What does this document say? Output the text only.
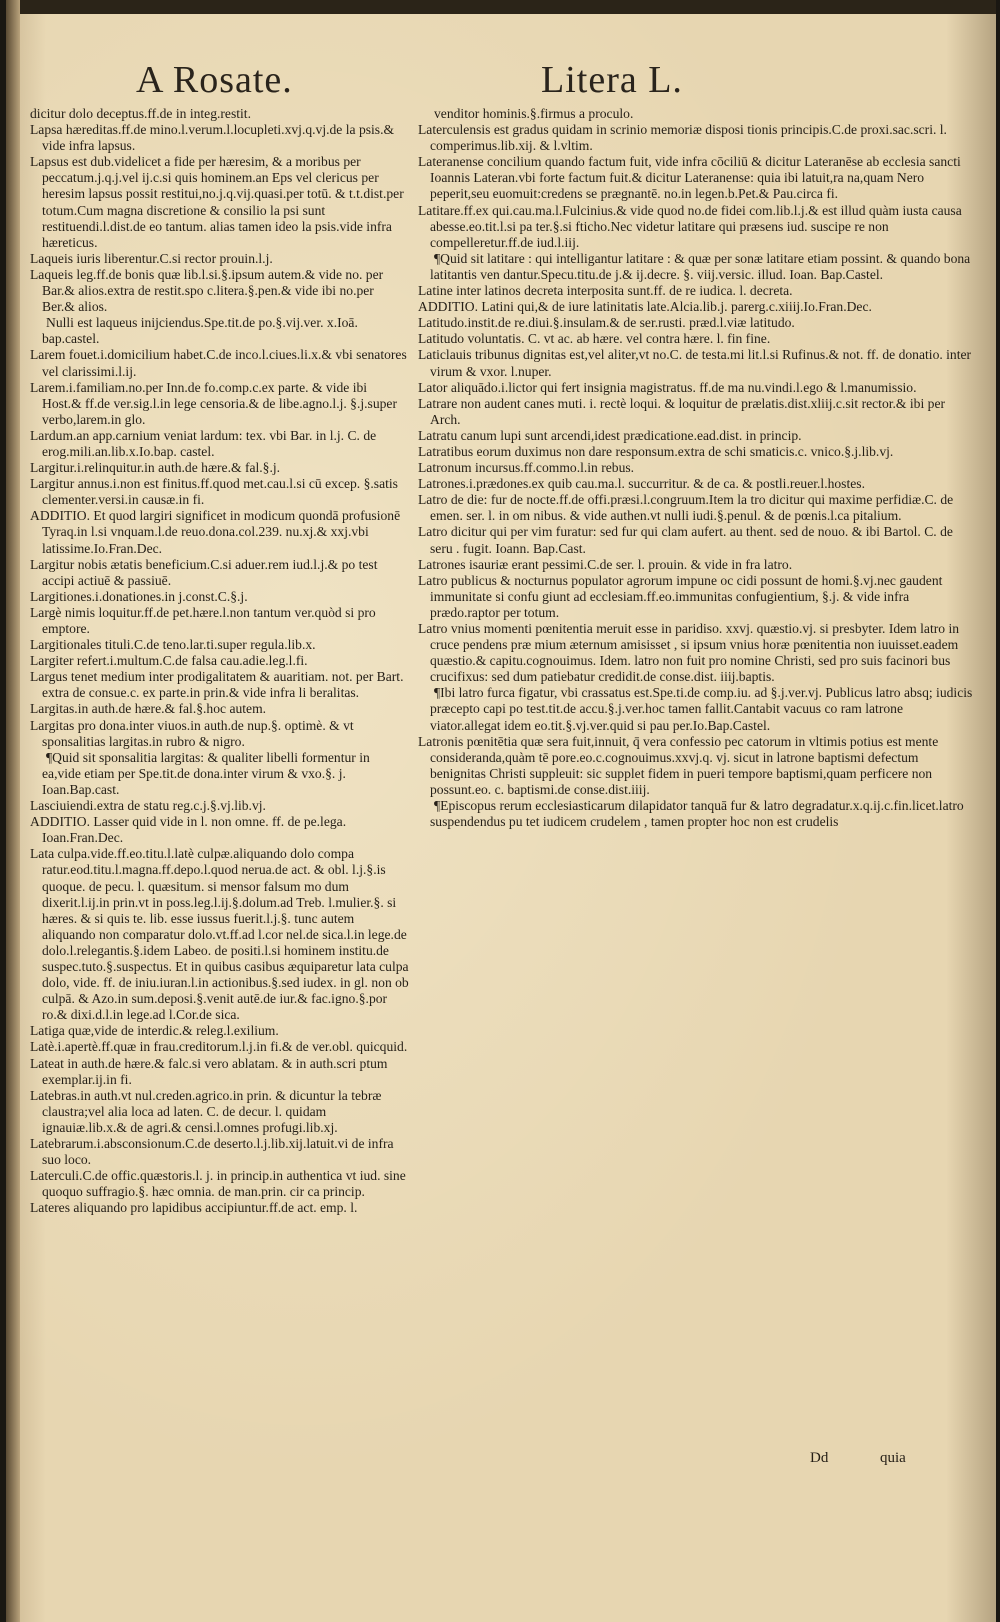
A Rosate.	Litera L.

dicitur dolo deceptus.ff.de in integ.restit.

Lapsa hæreditas.ff.de mino.l.verum.l.locupleti.xvj.q.vj.de la psis.& vide infra lapsus.

Lapsus est dub.videlicet a fide per hæresim, & a moribus per peccatum.j.q.j.vel ij.c.si quis hominem.an Eps vel clericus per heresim lapsus possit restitui,no.j.q.vij.quasi.per totū. & t.t.dist.per totum.Cum magna discretione & consilio la psi sunt restituendi.l.dist.de eo tantum. alias tamen ideo la psis.vide infra hæreticus.

Laqueis iuris liberentur.C.si rector prouin.l.j.

Laqueis leg.ff.de bonis quæ lib.l.si.§.ipsum autem.& vide no. per Bar.& alios.extra de restit.spo c.litera.§.pen.& vide ibi no.per Ber.& alios.

Nulli est laqueus inijciendus.Spe.tit.de po.§.vij.ver. x.Ioā. bap.castel.

Larem fouet.i.domicilium habet.C.de inco.l.ciues.li.x.& vbi senatores vel clarissimi.l.ij.

Larem.i.familiam.no.per Inn.de fo.comp.c.ex parte. & vide ibi Host.& ff.de ver.sig.l.in lege censoria.& de libe.agno.l.j. §.j.super verbo,larem.in glo.

Lardum.an app.carnium veniat lardum: tex. vbi Bar. in l.j. C. de erog.mili.an.lib.x.Io.bap. castel.

Largitur.i.relinquitur.in auth.de hære.& fal.§.j.

Largitur annus.i.non est finitus.ff.quod met.cau.l.si cū excep. §.satis clementer.versi.in causæ.in fi.

ADDITIO. Et quod largiri significet in modicum quondā profusionē Tyraq.in l.si vnquam.l.de reuo.dona.col.239. nu.xj.& xxj.vbi latissime.Io.Fran.Dec.

Largitur nobis ætatis beneficium.C.si aduer.rem iud.l.j.& po test accipi actiuē & passiuē.

Largitiones.i.donationes.in j.const.C.§.j.

Largè nimis loquitur.ff.de pet.hære.l.non tantum ver.quòd si pro emptore.

Largitionales tituli.C.de teno.lar.ti.super regula.lib.x.

Largiter refert.i.multum.C.de falsa cau.adie.leg.l.fi.

Largus tenet medium inter prodigalitatem & auaritiam. not. per Bart. extra de consue.c. ex parte.in prin.& vide infra li beralitas.

Largitas.in auth.de hære.& fal.§.hoc autem.

Largitas pro dona.inter viuos.in auth.de nup.§. optimè. & vt sponsalitias largitas.in rubro & nigro.

¶Quid sit sponsalitia largitas: & qualiter libelli formentur in ea,vide etiam per Spe.tit.de dona.inter virum & vxo.§. j. Ioan.Bap.cast.

Lasciuiendi.extra de statu reg.c.j.§.vj.lib.vj.

ADDITIO. Lasser quid vide in l. non omne. ff. de pe.lega. Ioan.Fran.Dec.

Lata culpa.vide.ff.eo.titu.l.latè culpæ.aliquando dolo compa ratur.eod.titu.l.magna.ff.depo.l.quod nerua.de act. & obl. l.j.§.is quoque. de pecu. l. quæsitum. si mensor falsum mo dum dixerit.l.ij.in prin.vt in poss.leg.l.ij.§.dolum.ad Treb. l.mulier.§. si hæres. & si quis te. lib. esse iussus fuerit.l.j.§. tunc autem aliquando non comparatur dolo.vt.ff.ad l.cor nel.de sica.l.in lege.de dolo.l.relegantis.§.idem Labeo. de positi.l.si hominem institu.de suspec.tuto.§.suspectus. Et in quibus casibus æquiparetur lata culpa dolo, vide. ff. de iniu.iuran.l.in actionibus.§.sed iudex. in gl. non ob culpā. & Azo.in sum.deposi.§.venit autē.de iur.& fac.igno.§.por ro.& dixi.d.l.in lege.ad l.Cor.de sica.

Latiga quæ,vide de interdic.& releg.l.exilium.

Latè.i.apertè.ff.quæ in frau.creditorum.l.j.in fi.& de ver.obl. quicquid.

Lateat in auth.de hære.& falc.si vero ablatam. & in auth.scri ptum exemplar.ij.in fi.

Latebras.in auth.vt nul.creden.agrico.in prin. & dicuntur la tebræ claustra;vel alia loca ad laten. C. de decur. l. quidam ignauiæ.lib.x.& de agri.& censi.l.omnes profugi.lib.xj.

Latebrarum.i.absconsionum.C.de deserto.l.j.lib.xij.latuit.vi de infra suo loco.

Laterculi.C.de offic.quæstoris.l. j. in princip.in authentica vt iud. sine quoquo suffragio.§. hæc omnia. de man.prin. cir ca princip.

Lateres aliquando pro lapidibus accipiuntur.ff.de act. emp. l.

venditor hominis.§.firmus a proculo.

Laterculensis est gradus quidam in scrinio memoriæ disposi tionis principis.C.de proxi.sac.scri. l. comperimus.lib.xij. & l.vltim.

Lateranense concilium quando factum fuit, vide infra cōciliū & dicitur Lateranēse ab ecclesia sancti Ioannis Lateran.vbi forte factum fuit.& dicitur Lateranense: quia ibi latuit,ra na,quam Nero peperit,seu euomuit:credens se prægnantē. no.in legen.b.Pet.& Pau.circa fi.

Latitare.ff.ex qui.cau.ma.l.Fulcinius.& vide quod no.de fidei com.lib.l.j.& est illud quàm iusta causa abesse.eo.tit.l.si pa ter.§.si fticho.Nec videtur latitare qui præsens iud. suscipe re non compelleretur.ff.de iud.l.iij.

¶Quid sit latitare : qui intelligantur latitare : & quæ per sonæ latitare etiam possint. & quando bona latitantis ven dantur.Specu.titu.de j.& ij.decre. §. viij.versic. illud. Ioan. Bap.Castel.

Latine inter latinos decreta interposita sunt.ff. de re iudica. l. decreta.

ADDITIO. Latini qui,& de iure latinitatis late.Alcia.lib.j. parerg.c.xiiij.Io.Fran.Dec.

Latitudo.instit.de re.diui.§.insulam.& de ser.rusti. præd.l.viæ latitudo.

Latitudo voluntatis. C. vt ac. ab hære. vel contra hære. l. fin fine.

Laticlauis tribunus dignitas est,vel aliter,vt no.C. de testa.mi lit.l.si Rufinus.& not. ff. de donatio. inter virum & vxor. l.nuper.

Lator aliquādo.i.lictor qui fert insignia magistratus. ff.de ma nu.vindi.l.ego & l.manumissio.

Latrare non audent canes muti. i. rectè loqui. & loquitur de prælatis.dist.xliij.c.sit rector.& ibi per Arch.

Latratu canum lupi sunt arcendi,idest prædicatione.ead.dist. in princip.

Latratibus eorum duximus non dare responsum.extra de schi smaticis.c. vnico.§.j.lib.vj.

Latronum incursus.ff.commo.l.in rebus.

Latrones.i.prædones.ex quib cau.ma.l. succurritur. & de ca. & postli.reuer.l.hostes.

Latro de die: fur de nocte.ff.de offi.præsi.l.congruum.Item la tro dicitur qui maxime perfidiæ.C. de emen. ser. l. in om nibus. & vide authen.vt nulli iudi.§.penul. & de pœnis.l.ca pitalium.

Latro dicitur qui per vim furatur: sed fur qui clam aufert. au thent. sed de nouo. & ibi Bartol. C. de seru . fugit. Ioann. Bap.Cast.

Latrones isauriæ erant pessimi.C.de ser. l. prouin. & vide in fra latro.

Latro publicus & nocturnus populator agrorum impune oc cidi possunt de homi.§.vj.nec gaudent immunitate si confu giunt ad ecclesiam.ff.eo.immunitas confugientium, §.j. & vide infra prædo.raptor per totum.

Latro vnius momenti pœnitentia meruit esse in paridiso. xxvj. quæstio.vj. si presbyter. Idem latro in cruce pendens præ mium æternum amisisset , si ipsum vnius horæ pœnitentia non iuuisset.eadem quæstio.& capitu.cognouimus. Idem. latro non fuit pro nomine Christi, sed pro suis facinori bus crucifixus: sed dum patiebatur credidit.de conse.dist. iiij.baptis.

¶Ibi latro furca figatur, vbi crassatus est.Spe.ti.de comp.iu. ad §.j.ver.vj. Publicus latro absq; iudicis præcepto capi po test.tit.de accu.§.j.ver.hoc tamen fallit.Cantabit vacuus co ram latrone viator.allegat idem eo.tit.§.vj.ver.quid si pau per.Io.Bap.Castel.

Latronis pœnitētia quæ sera fuit,innuit, q̄ vera confessio pec catorum in vltimis potius est mente consideranda,quàm tē pore.eo.c.cognouimus.xxvj.q. vj. sicut in latrone baptismi defectum benignitas Christi suppleuit: sic supplet fidem in pueri tempore baptismi,quam perficere non possunt.eo. c. baptismi.de conse.dist.iiij.

¶Episcopus rerum ecclesiasticarum dilapidator tanquā fur & latro degradatur.x.q.ij.c.fin.licet.latro suspendendus pu tet iudicem crudelem , tamen propter hoc non est crudelis

Dd	quia
